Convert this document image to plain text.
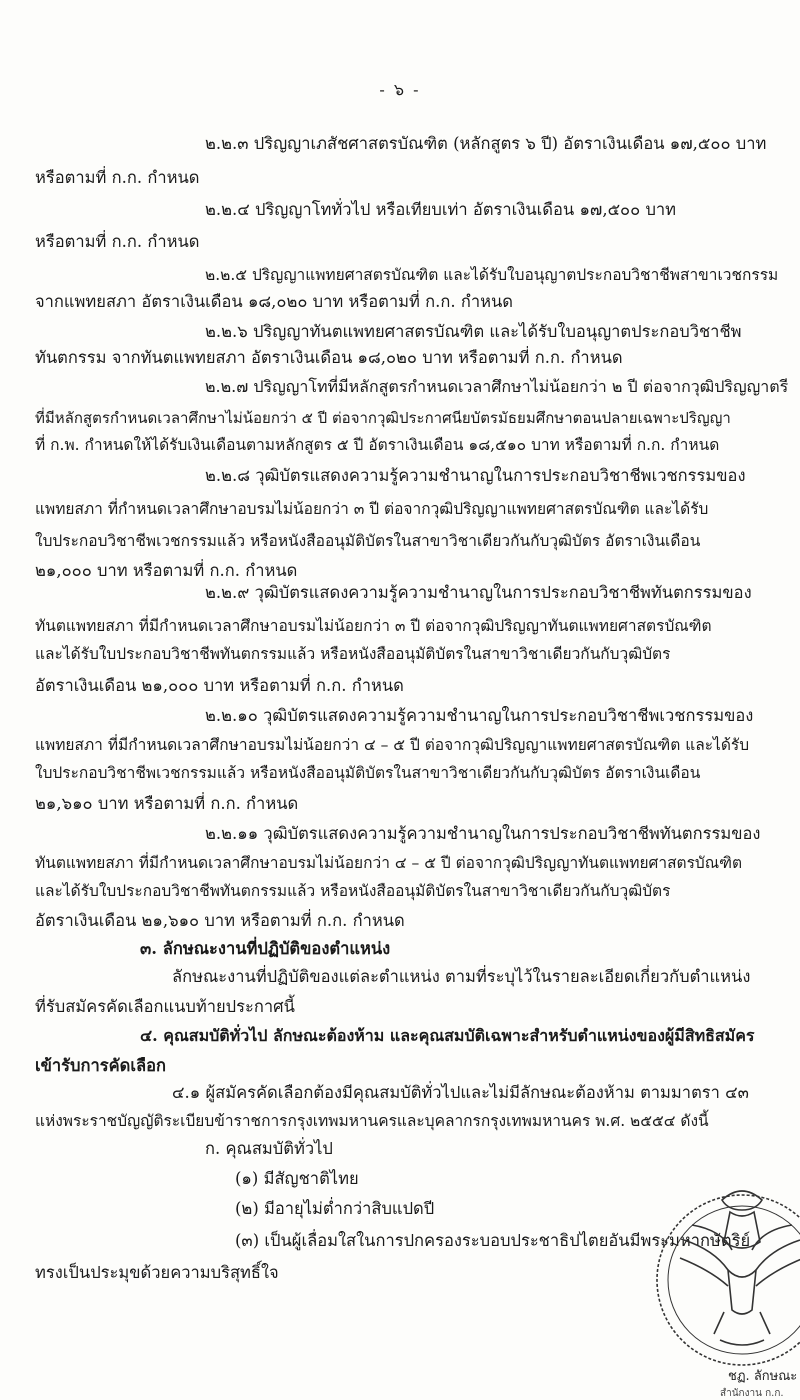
- ๖ -
๒.๒.๓ ปริญญาเภสัชศาสตรบัณฑิต (หลักสูตร ๖ ปี) อัตราเงินเดือน ๑๗,๕๐๐ บาท
หรือตามที่ ก.ก. กำหนด
๒.๒.๔ ปริญญาโททั่วไป หรือเทียบเท่า อัตราเงินเดือน ๑๗,๕๐๐ บาท
หรือตามที่ ก.ก. กำหนด
๒.๒.๕ ปริญญาแพทยศาสตรบัณฑิต และได้รับใบอนุญาตประกอบวิชาชีพสาขาเวชกรรม
จากแพทยสภา อัตราเงินเดือน ๑๘,๐๒๐ บาท หรือตามที่ ก.ก. กำหนด
๒.๒.๖ ปริญญาทันตแพทยศาสตรบัณฑิต และได้รับใบอนุญาตประกอบวิชาชีพ
ทันตกรรม จากทันตแพทยสภา อัตราเงินเดือน ๑๘,๐๒๐ บาท หรือตามที่ ก.ก. กำหนด
๒.๒.๗ ปริญญาโทที่มีหลักสูตรกำหนดเวลาศึกษาไม่น้อยกว่า ๒ ปี ต่อจากวุฒิปริญญาตรี
ที่มีหลักสูตรกำหนดเวลาศึกษาไม่น้อยกว่า ๕ ปี ต่อจากวุฒิประกาศนียบัตรมัธยมศึกษาตอนปลายเฉพาะปริญญา
ที่ ก.พ. กำหนดให้ได้รับเงินเดือนตามหลักสูตร ๕ ปี อัตราเงินเดือน ๑๘,๕๑๐ บาท หรือตามที่ ก.ก. กำหนด
๒.๒.๘ วุฒิบัตรแสดงความรู้ความชำนาญในการประกอบวิชาชีพเวชกรรมของ
แพทยสภา ที่กำหนดเวลาศึกษาอบรมไม่น้อยกว่า ๓ ปี ต่อจากวุฒิปริญญาแพทยศาสตรบัณฑิต และได้รับ
ใบประกอบวิชาชีพเวชกรรมแล้ว หรือหนังสืออนุมัติบัตรในสาขาวิชาเดียวกันกับวุฒิบัตร อัตราเงินเดือน
๒๑,๐๐๐ บาท หรือตามที่ ก.ก. กำหนด
๒.๒.๙ วุฒิบัตรแสดงความรู้ความชำนาญในการประกอบวิชาชีพทันตกรรมของ
ทันตแพทยสภา ที่มีกำหนดเวลาศึกษาอบรมไม่น้อยกว่า ๓ ปี ต่อจากวุฒิปริญญาทันตแพทยศาสตรบัณฑิต
และได้รับใบประกอบวิชาชีพทันตกรรมแล้ว หรือหนังสืออนุมัติบัตรในสาขาวิชาเดียวกันกับวุฒิบัตร
อัตราเงินเดือน ๒๑,๐๐๐ บาท หรือตามที่ ก.ก. กำหนด
๒.๒.๑๐ วุฒิบัตรแสดงความรู้ความชำนาญในการประกอบวิชาชีพเวชกรรมของ
แพทยสภา ที่มีกำหนดเวลาศึกษาอบรมไม่น้อยกว่า ๔ – ๕ ปี ต่อจากวุฒิปริญญาแพทยศาสตรบัณฑิต และได้รับ
ใบประกอบวิชาชีพเวชกรรมแล้ว หรือหนังสืออนุมัติบัตรในสาขาวิชาเดียวกันกับวุฒิบัตร อัตราเงินเดือน
๒๑,๖๑๐ บาท หรือตามที่ ก.ก. กำหนด
๒.๒.๑๑ วุฒิบัตรแสดงความรู้ความชำนาญในการประกอบวิชาชีพทันตกรรมของ
ทันตแพทยสภา ที่มีกำหนดเวลาศึกษาอบรมไม่น้อยกว่า ๔ – ๕ ปี ต่อจากวุฒิปริญญาทันตแพทยศาสตรบัณฑิต
และได้รับใบประกอบวิชาชีพทันตกรรมแล้ว หรือหนังสืออนุมัติบัตรในสาขาวิชาเดียวกันกับวุฒิบัตร
อัตราเงินเดือน ๒๑,๖๑๐ บาท หรือตามที่ ก.ก. กำหนด
๓. ลักษณะงานที่ปฏิบัติของตำแหน่ง
ลักษณะงานที่ปฏิบัติของแต่ละตำแหน่ง ตามที่ระบุไว้ในรายละเอียดเกี่ยวกับตำแหน่ง
ที่รับสมัครคัดเลือกแนบท้ายประกาศนี้
๔. คุณสมบัติทั่วไป ลักษณะต้องห้าม และคุณสมบัติเฉพาะสำหรับตำแหน่งของผู้มีสิทธิสมัคร
เข้ารับการคัดเลือก
๔.๑ ผู้สมัครคัดเลือกต้องมีคุณสมบัติทั่วไปและไม่มีลักษณะต้องห้าม ตามมาตรา ๔๓
แห่งพระราชบัญญัติระเบียบข้าราชการกรุงเทพมหานครและบุคลากรกรุงเทพมหานคร พ.ศ. ๒๕๕๔ ดังนี้
ก. คุณสมบัติทั่วไป
(๑) มีสัญชาติไทย
(๒) มีอายุไม่ต่ำกว่าสิบแปดปี
(๓) เป็นผู้เลื่อมใสในการปกครองระบอบประชาธิปไตยอันมีพระมหากษัตริย์
ทรงเป็นประมุขด้วยความบริสุทธิ์ใจ
ชฏ. ลักษณะ
สำนักงาน ก.ก.
